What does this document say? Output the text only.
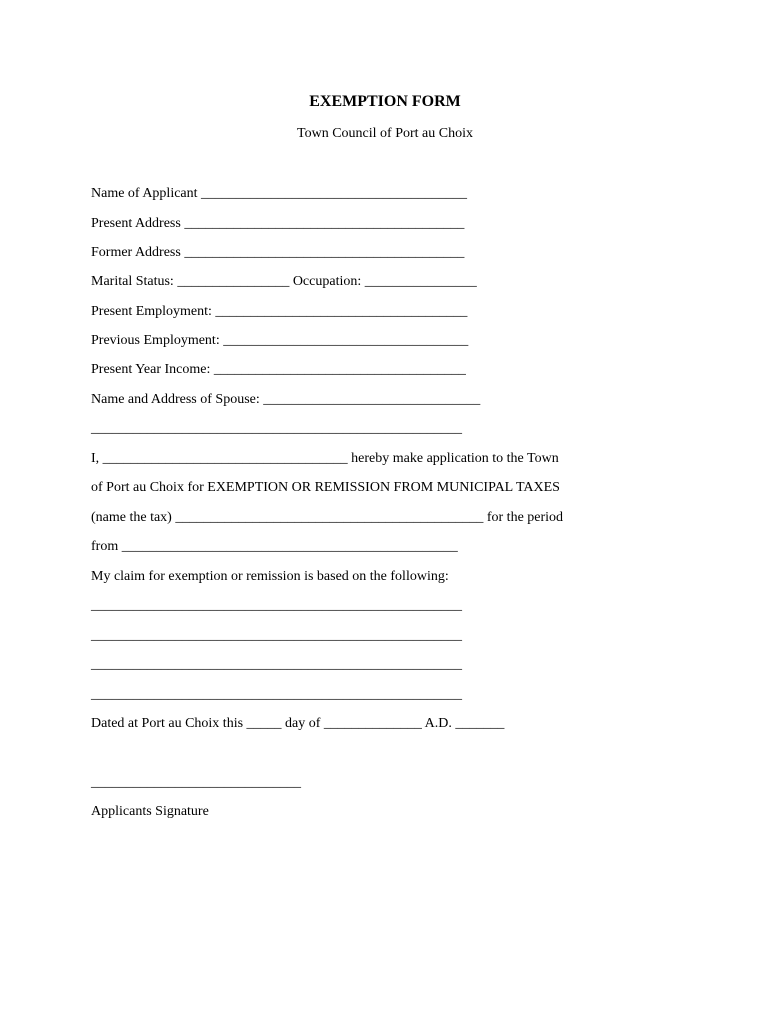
EXEMPTION FORM
Town Council of Port au Choix
Name of Applicant ______________________________________
Present Address ________________________________________
Former Address ________________________________________
Marital Status: ________________ Occupation: ________________
Present Employment: ____________________________________
Previous Employment: ___________________________________
Present Year Income: ____________________________________
Name and Address of Spouse: _______________________________
_____________________________________________________
I, ___________________________________ hereby make application to the Town
of Port au Choix for EXEMPTION OR REMISSION FROM MUNICIPAL TAXES
(name the tax) ____________________________________________ for the period
from ________________________________________________
My claim for exemption or remission is based on the following:
_____________________________________________________
_____________________________________________________
_____________________________________________________
_____________________________________________________
Dated at Port au Choix this _____ day of ______________ A.D. _______
______________________________
Applicants Signature
